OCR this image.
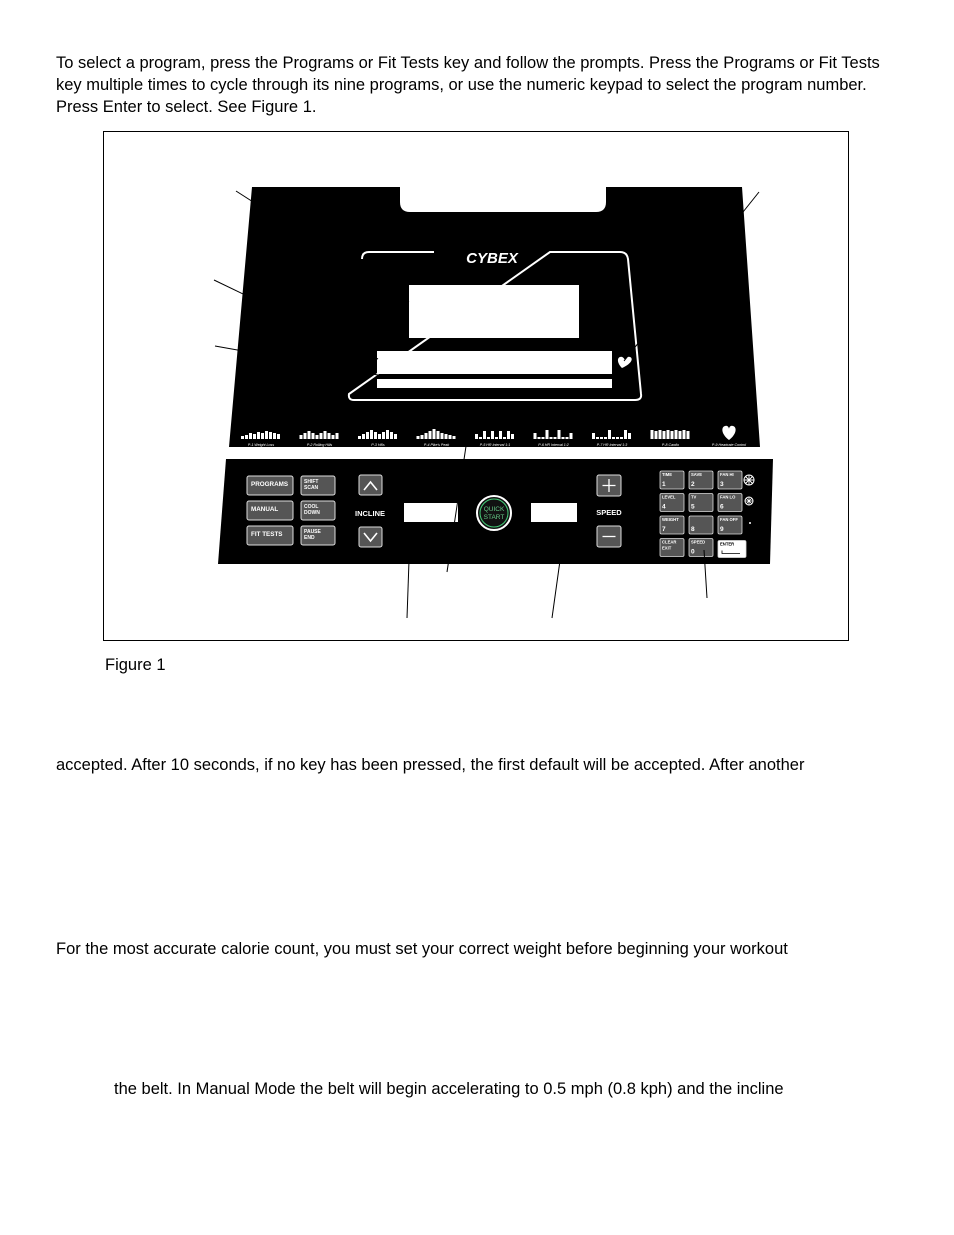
To select a program, press the Programs or Fit Tests key and follow the prompts. Press the Programs or Fit Tests key multiple times to cycle through its nine programs, or use the numeric keypad to select the program number. Press Enter to select. See Figure 1.

CYBEX
P-1 Weight Loss	P-2 Rolling Hills	P-3 Hills	P-4 Pike's Peak	P-5 HR Interval 1:1	P-6 HR Interval 1:2	P-7 HR Interval 1:3	P-8 Cardio	P-9 Heartrate Control
PROGRAMS	SHIFT
SCAN
MANUAL	COOL
DOWN
FIT TESTS	PAUSE
END
INCLINE	QUICK
START
SPEED
TIME
1
SAVE
2
FAN HI
3
LEVEL
4
TV
5
FAN LO
6
WEIGHT
7	8
FAN OFF
9
CLEAR
EXIT
SPEED
0
ENTER
Figure 1
accepted. After 10 seconds, if no key has been pressed, the first default will be accepted. After another
For the most accurate calorie count, you must set your correct weight before beginning your workout
the belt. In Manual Mode the belt will begin accelerating to 0.5 mph (0.8 kph) and the incline
